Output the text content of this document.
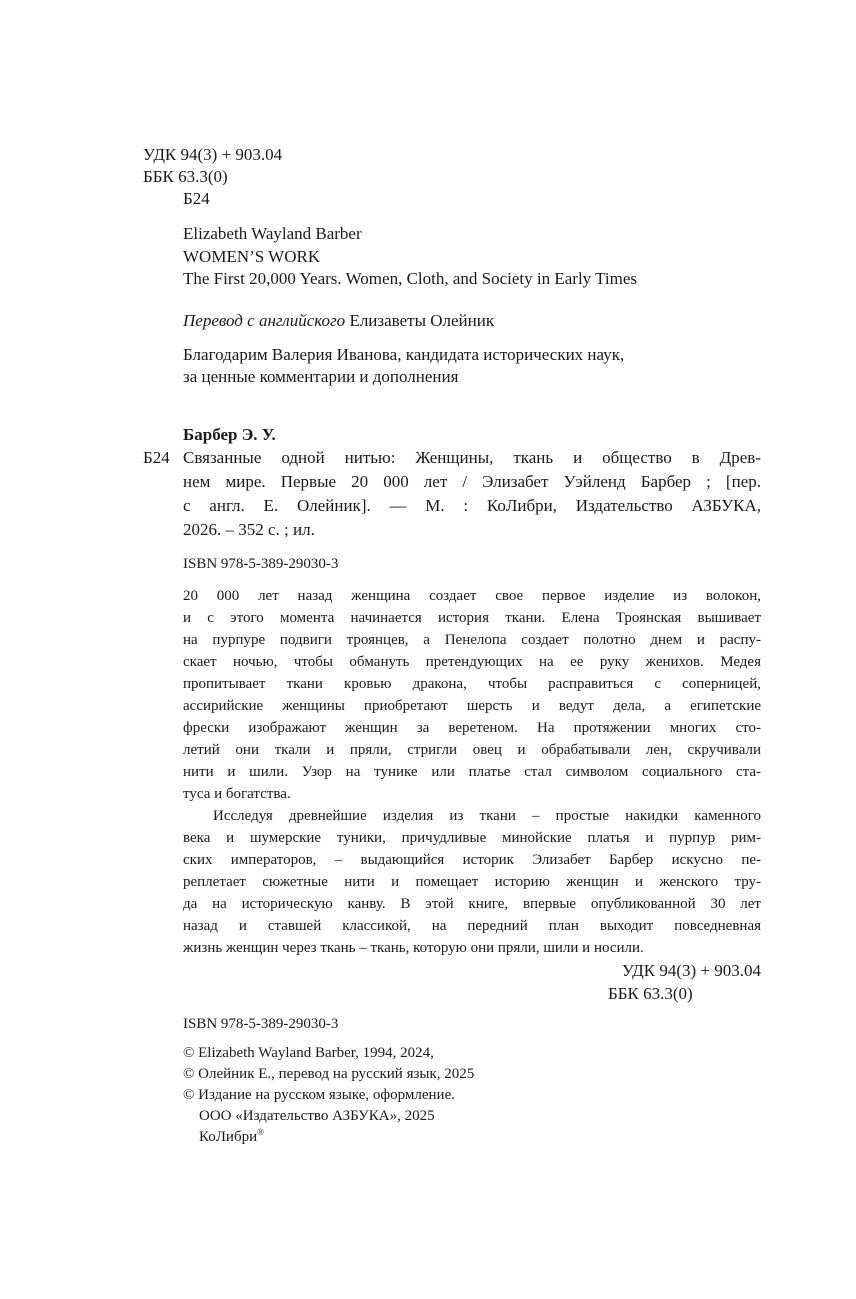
УДК 94(3) + 903.04
ББК 63.3(0)
Б24
Elizabeth Wayland Barber
WOMEN’S WORK
The First 20,000 Years. Women, Cloth, and Society in Early Times
Перевод с английского Елизаветы Олейник
Благодарим Валерия Иванова, кандидата исторических наук,
за ценные комментарии и дополнения
Барбер Э. У.
Б24 Связанные одной нитью: Женщины, ткань и общество в Древ-
нем мире. Первые 20 000 лет / Элизабет Уэйленд Барбер ; [пер.
с англ. Е. Олейник]. — М. : КоЛибри, Издательство АЗБУКА,
2026. – 352 с. ; ил.
ISBN 978-5-389-29030-3
20 000 лет назад женщина создает свое первое изделие из волокон,
и с этого момента начинается история ткани. Елена Троянская вышивает
на пурпуре подвиги троянцев, а Пенелопа создает полотно днем и распу-
скает ночью, чтобы обмануть претендующих на ее руку женихов. Медея
пропитывает ткани кровью дракона, чтобы расправиться с соперницей,
ассирийские женщины приобретают шерсть и ведут дела, а египетские
фрески изображают женщин за веретеном. На протяжении многих сто-
летий они ткали и пряли, стригли овец и обрабатывали лен, скручивали
нити и шили. Узор на тунике или платье стал символом социального ста-
туса и богатства.
Исследуя древнейшие изделия из ткани – простые накидки каменного
века и шумерские туники, причудливые минойские платья и пурпур рим-
ских императоров, – выдающийся историк Элизабет Барбер искусно пе-
реплетает сюжетные нити и помещает историю женщин и женского тру-
да на историческую канву. В этой книге, впервые опубликованной 30 лет
назад и ставшей классикой, на передний план выходит повседневная
жизнь женщин через ткань – ткань, которую они пряли, шили и носили.
УДК 94(3) + 903.04
ББК 63.3(0)
ISBN 978-5-389-29030-3
© Elizabeth Wayland Barber, 1994, 2024,
© Олейник Е., перевод на русский язык, 2025
© Издание на русском языке, оформление.
ООО «Издательство АЗБУКА», 2025
КоЛибри®
